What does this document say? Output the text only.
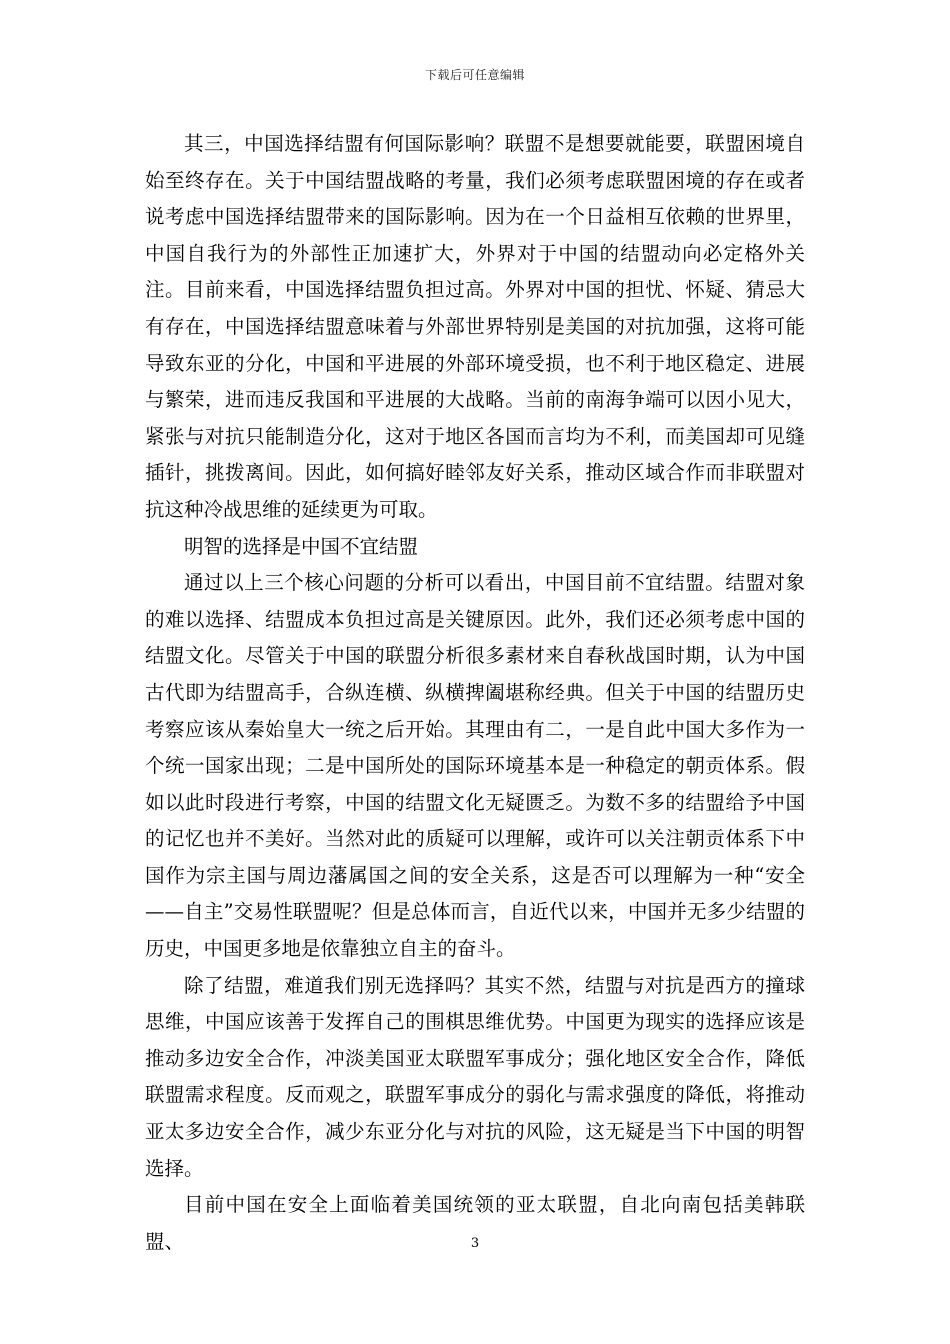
下载后可任意编辑

其三，中国选择结盟有何国际影响？联盟不是想要就能要，联盟困境自始至终存在。关于中国结盟战略的考量，我们必须考虑联盟困境的存在或者说考虑中国选择结盟带来的国际影响。因为在一个日益相互依赖的世界里，中国自我行为的外部性正加速扩大，外界对于中国的结盟动向必定格外关注。目前来看，中国选择结盟负担过高。外界对中国的担忧、怀疑、猜忌大有存在，中国选择结盟意味着与外部世界特别是美国的对抗加强，这将可能导致东亚的分化，中国和平进展的外部环境受损，也不利于地区稳定、进展与繁荣，进而违反我国和平进展的大战略。当前的南海争端可以因小见大，紧张与对抗只能制造分化，这对于地区各国而言均为不利，而美国却可见缝插针，挑拨离间。因此，如何搞好睦邻友好关系，推动区域合作而非联盟对抗这种冷战思维的延续更为可取。

明智的选择是中国不宜结盟

通过以上三个核心问题的分析可以看出，中国目前不宜结盟。结盟对象的难以选择、结盟成本负担过高是关键原因。此外，我们还必须考虑中国的结盟文化。尽管关于中国的联盟分析很多素材来自春秋战国时期，认为中国古代即为结盟高手，合纵连横、纵横捭阖堪称经典。但关于中国的结盟历史考察应该从秦始皇大一统之后开始。其理由有二，一是自此中国大多作为一个统一国家出现；二是中国所处的国际环境基本是一种稳定的朝贡体系。假如以此时段进行考察，中国的结盟文化无疑匮乏。为数不多的结盟给予中国的记忆也并不美好。当然对此的质疑可以理解，或许可以关注朝贡体系下中国作为宗主国与周边藩属国之间的安全关系，这是否可以理解为一种“安全——自主”交易性联盟呢？但是总体而言，自近代以来，中国并无多少结盟的历史，中国更多地是依靠独立自主的奋斗。

除了结盟，难道我们别无选择吗？其实不然，结盟与对抗是西方的撞球思维，中国应该善于发挥自己的围棋思维优势。中国更为现实的选择应该是推动多边安全合作，冲淡美国亚太联盟军事成分；强化地区安全合作，降低联盟需求程度。反而观之，联盟军事成分的弱化与需求强度的降低，将推动亚太多边安全合作，减少东亚分化与对抗的风险，这无疑是当下中国的明智选择。

目前中国在安全上面临着美国统领的亚太联盟，自北向南包括美韩联盟、	3
